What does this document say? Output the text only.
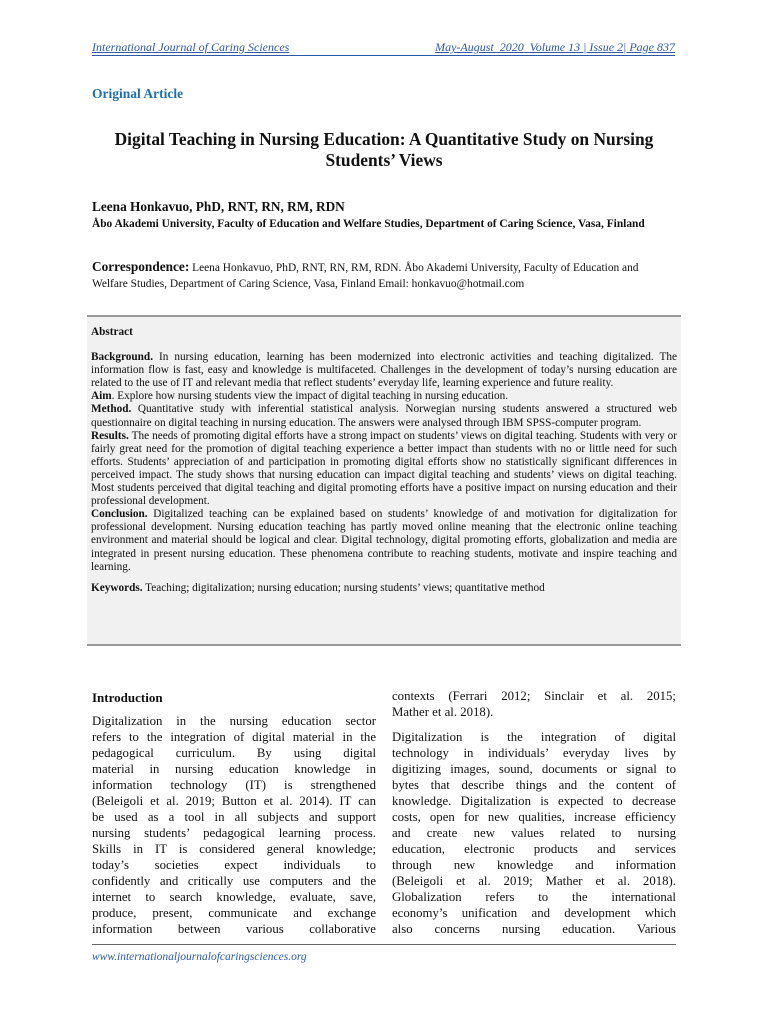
International Journal of Caring Sciences	May-August  2020  Volume 13 | Issue 2| Page 837
Original Article
Digital Teaching in Nursing Education: A Quantitative Study on Nursing
Students’ Views
Leena Honkavuo, PhD, RNT, RN, RM, RDN
Åbo Akademi University, Faculty of Education and Welfare Studies, Department of Caring Science, Vasa, Finland
Correspondence: Leena Honkavuo, PhD, RNT, RN, RM, RDN. Åbo Akademi University, Faculty of Education and Welfare Studies, Department of Caring Science, Vasa, Finland Email: honkavuo@hotmail.com
Abstract

Background. In nursing education, learning has been modernized into electronic activities and teaching digitalized. The information flow is fast, easy and knowledge is multifaceted. Challenges in the development of today’s nursing education are related to the use of IT and relevant media that reflect students’ everyday life, learning experience and future reality.

Aim. Explore how nursing students view the impact of digital teaching in nursing education.

Method. Quantitative study with inferential statistical analysis. Norwegian nursing students answered a structured web questionnaire on digital teaching in nursing education. The answers were analysed through IBM SPSS-computer program.

Results. The needs of promoting digital efforts have a strong impact on students’ views on digital teaching. Students with very or fairly great need for the promotion of digital teaching experience a better impact than students with no or little need for such efforts. Students’ appreciation of and participation in promoting digital efforts show no statistically significant differences in perceived impact. The study shows that nursing education can impact digital teaching and students’ views on digital teaching. Most students perceived that digital teaching and digital promoting efforts have a positive impact on nursing education and their professional development.

Conclusion. Digitalized teaching can be explained based on students’ knowledge of and motivation for digitalization for professional development. Nursing education teaching has partly moved online meaning that the electronic online teaching environment and material should be logical and clear. Digital technology, digital promoting efforts, globalization and media are integrated in present nursing education. These phenomena contribute to reaching students, motivate and inspire teaching and learning.

Keywords. Teaching; digitalization; nursing education; nursing students’ views; quantitative method

Introduction
Digitalization in the nursing education sector
refers to the integration of digital material in the
pedagogical curriculum. By using digital
material in nursing education knowledge in
information technology (IT) is strengthened
(Beleigoli et al. 2019; Button et al. 2014). IT can
be used as a tool in all subjects and support
nursing students’ pedagogical learning process.
Skills in IT is considered general knowledge;
today’s societies expect individuals to
confidently and critically use computers and the
internet to search knowledge, evaluate, save,
produce, present, communicate and exchange
information between various collaborative
contexts (Ferrari 2012; Sinclair et al. 2015;
Mather et al. 2018).
Digitalization is the integration of digital
technology in individuals’ everyday lives by
digitizing images, sound, documents or signal to
bytes that describe things and the content of
knowledge. Digitalization is expected to decrease
costs, open for new qualities, increase efficiency
and create new values related to nursing
education, electronic products and services
through new knowledge and information
(Beleigoli et al. 2019; Mather et al. 2018).
Globalization refers to the international
economy’s unification and development which
also concerns nursing education. Various
www.internationaljournalofcaringsciences.org
